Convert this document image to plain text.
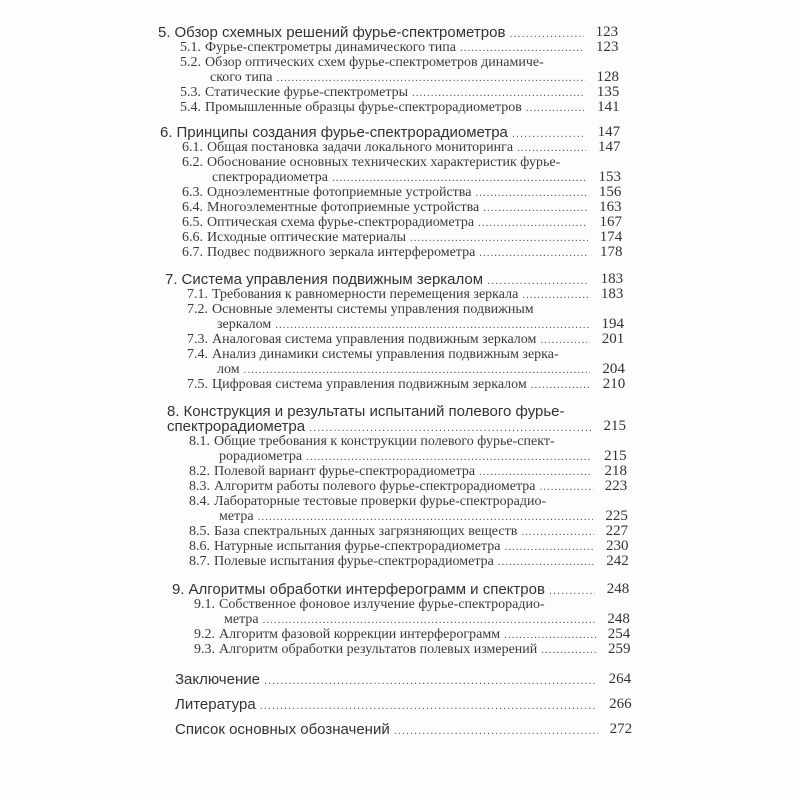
123
5. Обзор схемных решений фурье-спектрометров
.....
123
5.1. Фурье-спектрометры динамического типа
.....
5.2. Обзор оптических схем фурье-спектрометров динамиче-
128
ского типа
.....
135
5.3. Статические фурье-спектрометры
.....
141
5.4. Промышленные образцы фурье-спектрорадиометров
.....
147
6. Принципы создания фурье-спектрорадиометра
.....
147
6.1. Общая постановка задачи локального мониторинга
.....
6.2. Обоснование основных технических характеристик фурье-
153
спектрорадиометра
.....
156
6.3. Одноэлементные фотоприемные устройства
.....
163
6.4. Многоэлементные фотоприемные устройства
.....
167
6.5. Оптическая схема фурье-спектрорадиометра
.....
174
6.6. Исходные оптические материалы
.....
178
6.7. Подвес подвижного зеркала интерферометра
.....
183
7. Система управления подвижным зеркалом
.....
183
7.1. Требования к равномерности перемещения зеркала
.....
7.2. Основные элементы системы управления подвижным
194
зеркалом
.....
201
7.3. Аналоговая система управления подвижным зеркалом
.....
7.4. Анализ динамики системы управления подвижным зерка-
204
лом
.....
210
7.5. Цифровая система управления подвижным зеркалом
.....
8. Конструкция и результаты испытаний полевого фурье-
215
спектрорадиометра
.....
8.1. Общие требования к конструкции полевого фурье-спект-
215
рорадиометра
.....
218
8.2. Полевой вариант фурье-спектрорадиометра
.....
223
8.3. Алгоритм работы полевого фурье-спектрорадиометра
.....
8.4. Лабораторные тестовые проверки фурье-спектрорадио-
225
метра
.....
227
8.5. База спектральных данных загрязняющих веществ
.....
230
8.6. Натурные испытания фурье-спектрорадиометра
.....
242
8.7. Полевые испытания фурье-спектрорадиометра
.....
248
9. Алгоритмы обработки интерферограмм и спектров
.....
9.1. Собственное фоновое излучение фурье-спектрорадио-
248
метра
.....
254
9.2. Алгоритм фазовой коррекции интерферограмм
.....
259
9.3. Алгоритм обработки результатов полевых измерений
.....
264
Заключение
.....
266
Литература
.....
272
Список основных обозначений
.....
